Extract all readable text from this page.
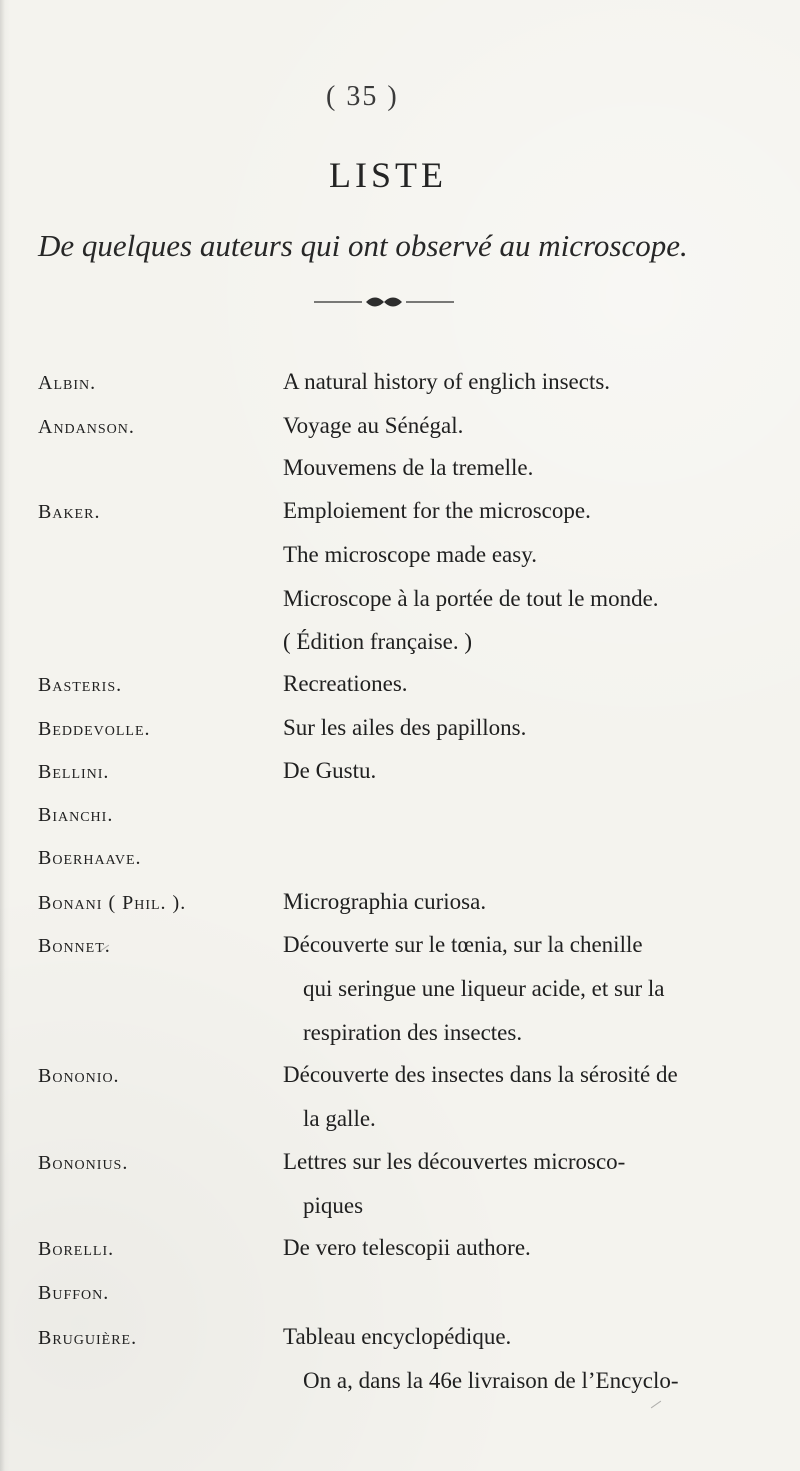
( 35 )
LISTE
De quelques auteurs qui ont observé au microscope.
Albin.	A natural history of englich insects.
Andanson.	Voyage au Sénégal.
Mouvemens de la tremelle.
Baker.	Emploiement for the microscope.
The microscope made easy.
Microscope à la portée de tout le monde.
( Édition française. )
Basteris.	Recreationes.
Beddevolle.	Sur les ailes des papillons.
Bellini.	De Gustu.
Bianchi.
Boerhaave.
Bonani ( Phil. ).	Micrographia curiosa.
Bonnet.	Découverte sur le tœnia, sur la chenille
qui seringue une liqueur acide, et sur la
respiration des insectes.
Bononio.	Découverte des insectes dans la sérosité de
la galle.
Bononius.	Lettres sur les découvertes microsco-
piques
Borelli.	De vero telescopii authore.
Buffon.
Bruguière.	Tableau encyclopédique.
On a, dans la 46e livraison de l’Encyclo-
